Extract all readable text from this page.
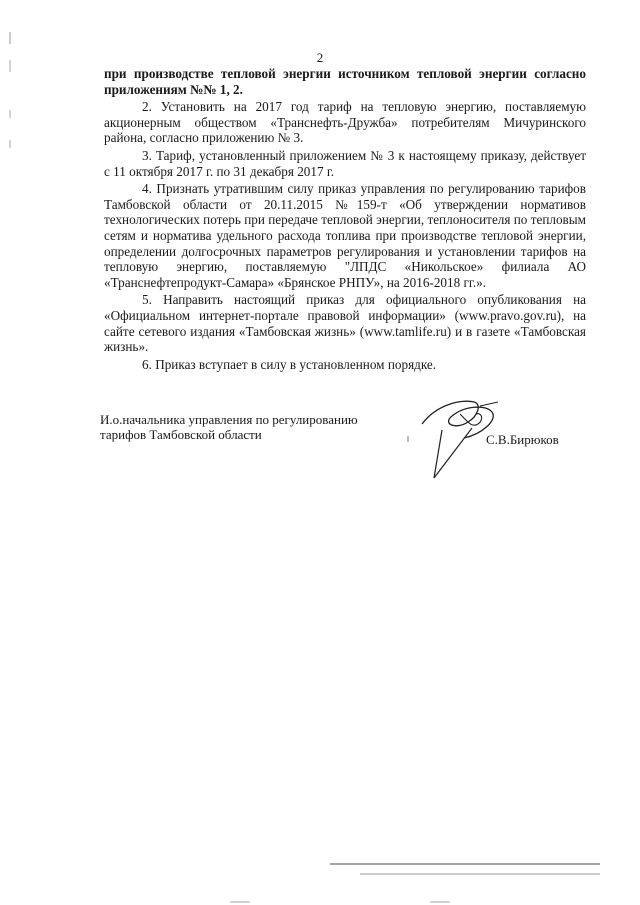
2

при производстве тепловой энергии источником тепловой энергии согласно приложениям №№ 1, 2.

2. Установить на 2017 год тариф на тепловую энергию, поставляемую акционерным обществом «Транснефть-Дружба» потребителям Мичуринского района, согласно приложению № 3.

3. Тариф, установленный приложением № 3 к настоящему приказу, действует с 11 октября 2017 г. по 31 декабря 2017 г.

4. Признать утратившим силу приказ управления по регулированию тарифов Тамбовской области от 20.11.2015 №159-т «Об утверждении нормативов технологических потерь при передаче тепловой энергии, теплоносителя по тепловым сетям и норматива удельного расхода топлива при производстве тепловой энергии, определении долгосрочных параметров регулирования и установлении тарифов на тепловую энергию, поставляемую "ЛПДС «Никольское» филиала АО «Транснефтепродукт-Самара» «Брянское РНПУ», на 2016-2018 гг.».

5. Направить настоящий приказ для официального опубликования на «Официальном интернет-портале правовой информации» (www.pravo.gov.ru), на сайте сетевого издания «Тамбовская жизнь» (www.tamlife.ru) и в газете «Тамбовская жизнь».

6. Приказ вступает в силу в установленном порядке.

И.о.начальника управления по регулированию тарифов Тамбовской области	С.В.Бирюков
